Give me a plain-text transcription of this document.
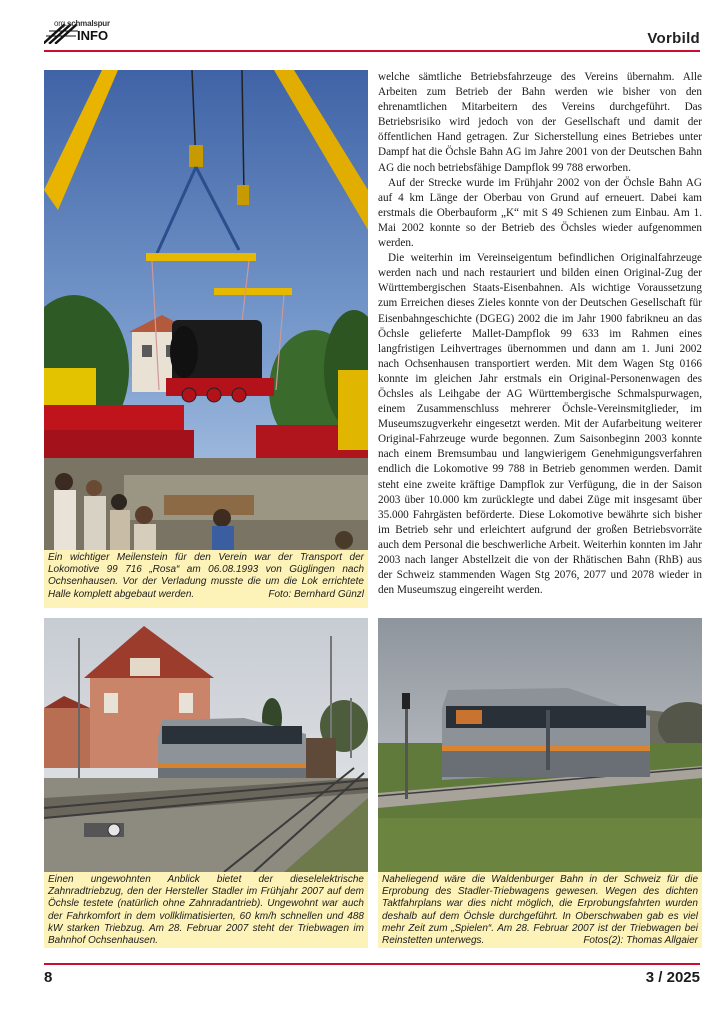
org.schmalspur
INFO	Vorbild
Ein wichtiger Meilenstein für den Verein war der Transport der Lokomotive 99 716 „Rosa“ am 06.08.1993 von Güglingen nach Ochsenhausen. Vor der Verladung musste die um die Lok errichtete Halle komplett abgebaut werden.	Foto: Bernhard Günzl

welche sämtliche Betriebsfahrzeuge des Vereins übernahm. Alle Arbeiten zum Betrieb der Bahn werden wie bisher von den ehrenamtlichen Mitarbeitern des Vereins durchgeführt. Das Betriebsrisiko wird jedoch von der Gesellschaft und damit der öffentlichen Hand getragen. Zur Sicherstellung eines Betriebes unter Dampf hat die Öchsle Bahn AG im Jahre 2001 von der Deutschen Bahn AG die noch betriebsfähige Dampflok 99 788 erworben.

Auf der Strecke wurde im Frühjahr 2002 von der Öchsle Bahn AG auf 4 km Länge der Oberbau von Grund auf erneuert. Dabei kam erstmals die Oberbauform „K“ mit S 49 Schienen zum Einbau. Am 1. Mai 2002 konnte so der Betrieb des Öchsles wieder aufgenommen werden.

Die weiterhin im Vereinseigentum befindlichen Originalfahrzeuge werden nach und nach restauriert und bilden einen Original-Zug der Württembergischen Staats-Eisenbahnen. Als wichtige Voraussetzung zum Erreichen dieses Zieles konnte von der Deutschen Gesellschaft für Eisenbahngeschichte (DGEG) 2002 die im Jahr 1900 fabrikneu an das Öchsle gelieferte Mallet-Dampflok 99 633 im Rahmen eines langfristigen Leihvertrages übernommen und dann am 1. Juni 2002 nach Ochsenhausen transportiert werden. Mit dem Wagen Stg 0166 konnte im gleichen Jahr erstmals ein Original-Personenwagen des Öchsles als Leihgabe der AG Württembergische Schmalspurwagen, einem Zusammenschluss mehrerer Öchsle-Vereinsmitglieder, im Museumszugverkehr eingesetzt werden. Mit der Aufarbeitung weiterer Original-Fahrzeuge wurde begonnen. Zum Saisonbeginn 2003 konnte nach einem Bremsumbau und langwierigem Genehmigungsverfahren endlich die Lokomotive 99 788 in Betrieb genommen werden. Damit steht eine zweite kräftige Dampflok zur Verfügung, die in der Saison 2003 über 10.000 km zurücklegte und dabei Züge mit insgesamt über 35.000 Fahrgästen beförderte. Diese Lokomotive bewährte sich bisher im Betrieb sehr und erleichtert aufgrund der großen Betriebsvorräte auch dem Personal die beschwerliche Arbeit. Weiterhin konnten im Jahr 2003 nach langer Abstellzeit die von der Rhätischen Bahn (RhB) aus der Schweiz stammenden Wagen Stg 2076, 2077 und 2078 wieder in den Museumszug eingereiht werden.

Einen ungewohnten Anblick bietet der dieselelektrische Zahnradtriebzug, den der Hersteller Stadler im Frühjahr 2007 auf dem Öchsle testete (natürlich ohne Zahnradantrieb). Ungewohnt war auch der Fahrkomfort in dem vollklimatisierten, 60 km/h schnellen und 488 kW starken Triebzug. Am 28. Februar 2007 steht der Triebwagen im Bahnhof Ochsenhausen.
Naheliegend wäre die Waldenburger Bahn in der Schweiz für die Erprobung des Stadler-Triebwagens gewesen. Wegen des dichten Taktfahrplans war dies nicht möglich, die Erprobungsfahrten wurden deshalb auf dem Öchsle durchgeführt. In Oberschwaben gab es viel mehr Zeit zum „Spielen“. Am 28. Februar 2007 ist der Triebwagen bei Reinstetten unterwegs.	Fotos(2): Thomas Allgaier
8	3 / 2025
